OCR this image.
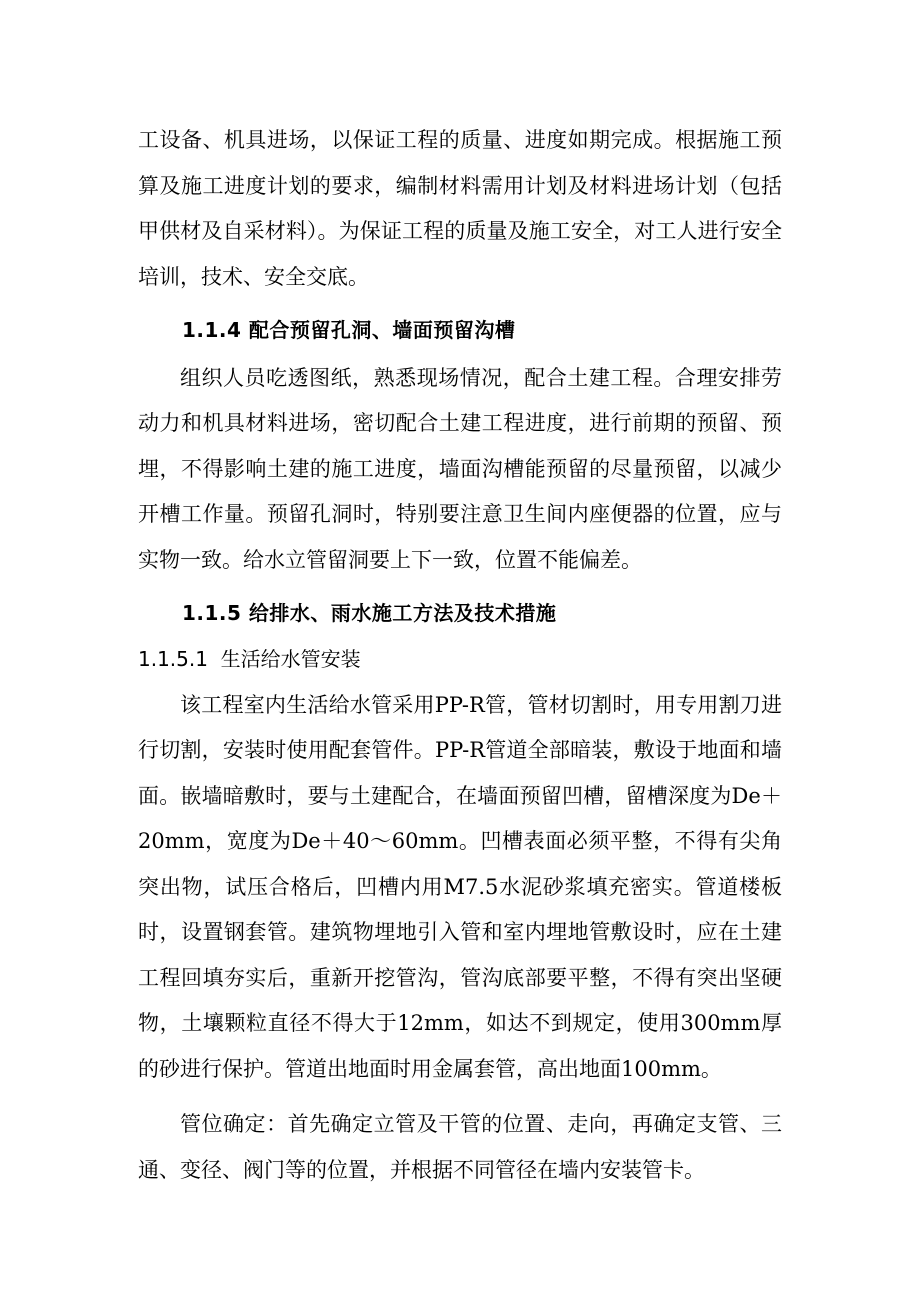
工设备、机具进场，以保证工程的质量、进度如期完成。根据施工预算及施工进度计划的要求，编制材料需用计划及材料进场计划（包括甲供材及自采材料）。为保证工程的质量及施工安全，对工人进行安全培训，技术、安全交底。

1.1.4 配合预留孔洞、墙面预留沟槽

组织人员吃透图纸，熟悉现场情况，配合土建工程。合理安排劳动力和机具材料进场，密切配合土建工程进度，进行前期的预留、预埋，不得影响土建的施工进度，墙面沟槽能预留的尽量预留，以减少开槽工作量。预留孔洞时，特别要注意卫生间内座便器的位置，应与实物一致。给水立管留洞要上下一致，位置不能偏差。

1.1.5 给排水、雨水施工方法及技术措施
1.1.5.1  生活给水管安装

该工程室内生活给水管采用PP-R管，管材切割时，用专用割刀进行切割，安装时使用配套管件。PP-R管道全部暗装，敷设于地面和墙面。嵌墙暗敷时，要与土建配合，在墙面预留凹槽，留槽深度为De＋20mm，宽度为De＋40～60mm。凹槽表面必须平整，不得有尖角突出物，试压合格后，凹槽内用M7.5水泥砂浆填充密实。管道楼板时，设置钢套管。建筑物埋地引入管和室内埋地管敷设时，应在土建工程回填夯实后，重新开挖管沟，管沟底部要平整，不得有突出坚硬物，土壤颗粒直径不得大于12mm，如达不到规定，使用300mm厚的砂进行保护。管道出地面时用金属套管，高出地面100mm。

管位确定：首先确定立管及干管的位置、走向，再确定支管、三通、变径、阀门等的位置，并根据不同管径在墙内安装管卡。
